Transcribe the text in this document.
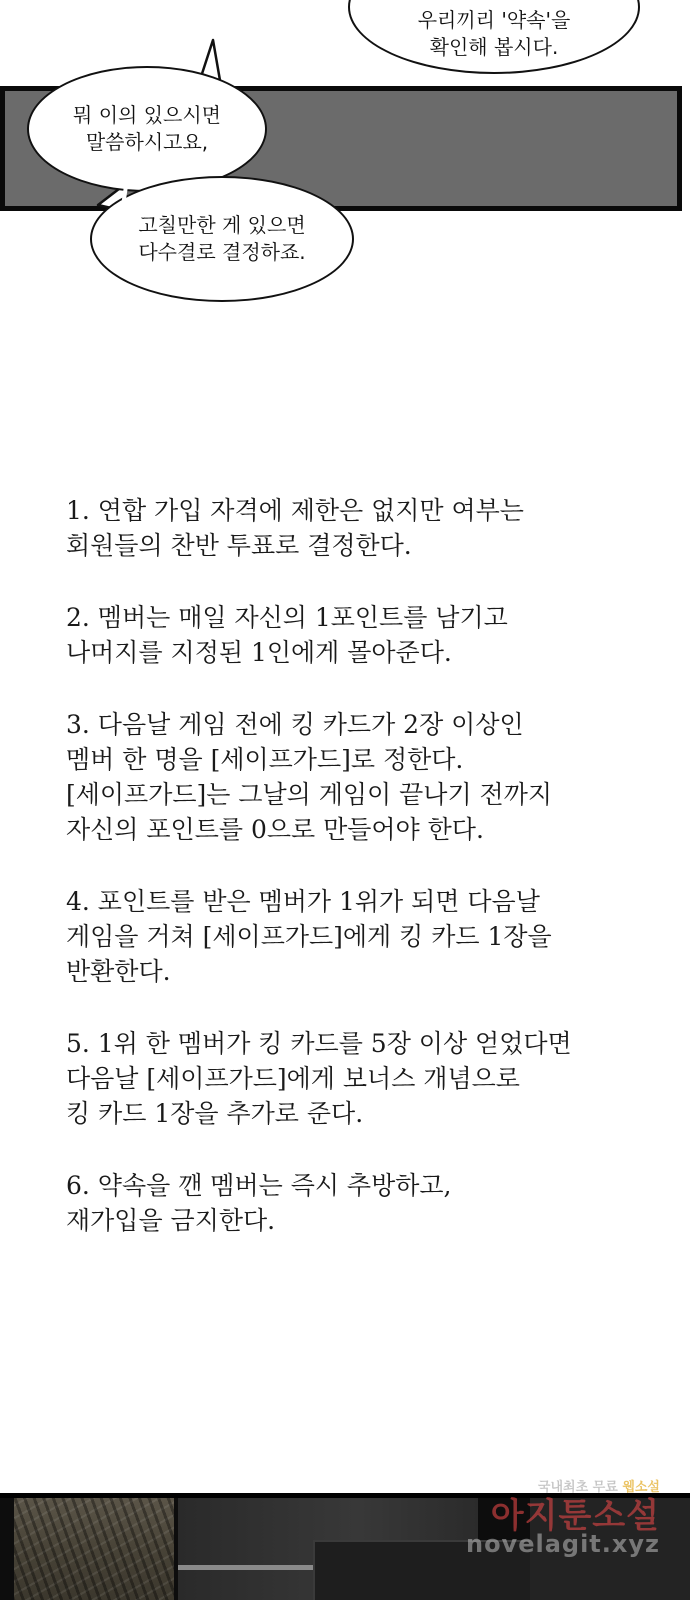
우리끼리 '약속'을
확인해 봅시다.
뭐 이의 있으시면
말씀하시고요,
고칠만한 게 있으면
다수결로 결정하죠.
1. 연합 가입 자격에 제한은 없지만 여부는
회원들의 찬반 투표로 결정한다.
2. 멤버는 매일 자신의 1포인트를 남기고
나머지를 지정된 1인에게 몰아준다.
3. 다음날 게임 전에 킹 카드가 2장 이상인
멤버 한 명을 [세이프가드]로 정한다.
[세이프가드]는 그날의 게임이 끝나기 전까지
자신의 포인트를 0으로 만들어야 한다.
4. 포인트를 받은 멤버가 1위가 되면 다음날
게임을 거쳐 [세이프가드]에게 킹 카드 1장을
반환한다.
5. 1위 한 멤버가 킹 카드를 5장 이상 얻었다면
다음날 [세이프가드]에게 보너스 개념으로
킹 카드 1장을 추가로 준다.
6. 약속을 깬 멤버는 즉시 추방하고,
재가입을 금지한다.
국내최초 무료 웹소설
아지툰소설
novelagit.xyz
